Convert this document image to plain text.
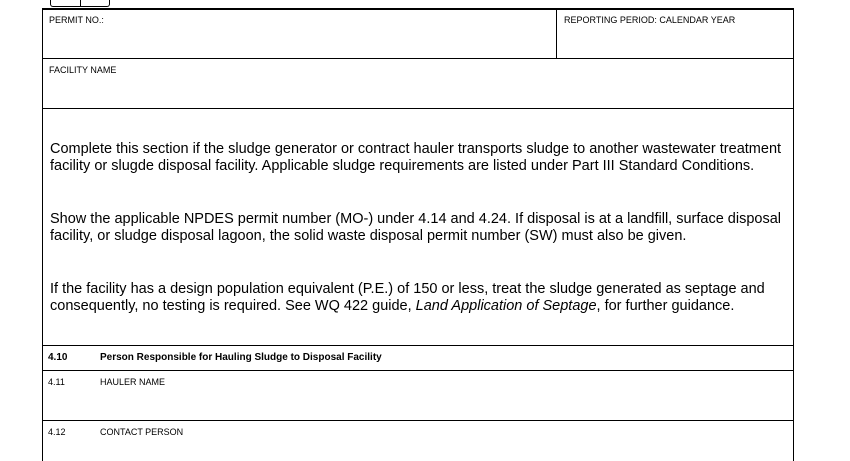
PERMIT NO.:	REPORTING PERIOD: CALENDAR YEAR
FACILITY NAME
Complete this section if the sludge generator or contract hauler transports sludge to another wastewater treatment
facility or slugde disposal facility. Applicable sludge requirements are listed under Part III Standard Conditions.
Show the applicable NPDES permit number (MO-) under 4.14 and 4.24. If disposal is at a landfill, surface disposal
facility, or sludge disposal lagoon, the solid waste disposal permit number (SW) must also be given.
If the facility has a design population equivalent (P.E.) of 150 or less, treat the sludge generated as septage and
consequently, no testing is required. See WQ 422 guide, Land Application of Septage, for further guidance.
4.10	Person Responsible for Hauling Sludge to Disposal Facility
4.11	HAULER NAME
4.12	CONTACT PERSON
